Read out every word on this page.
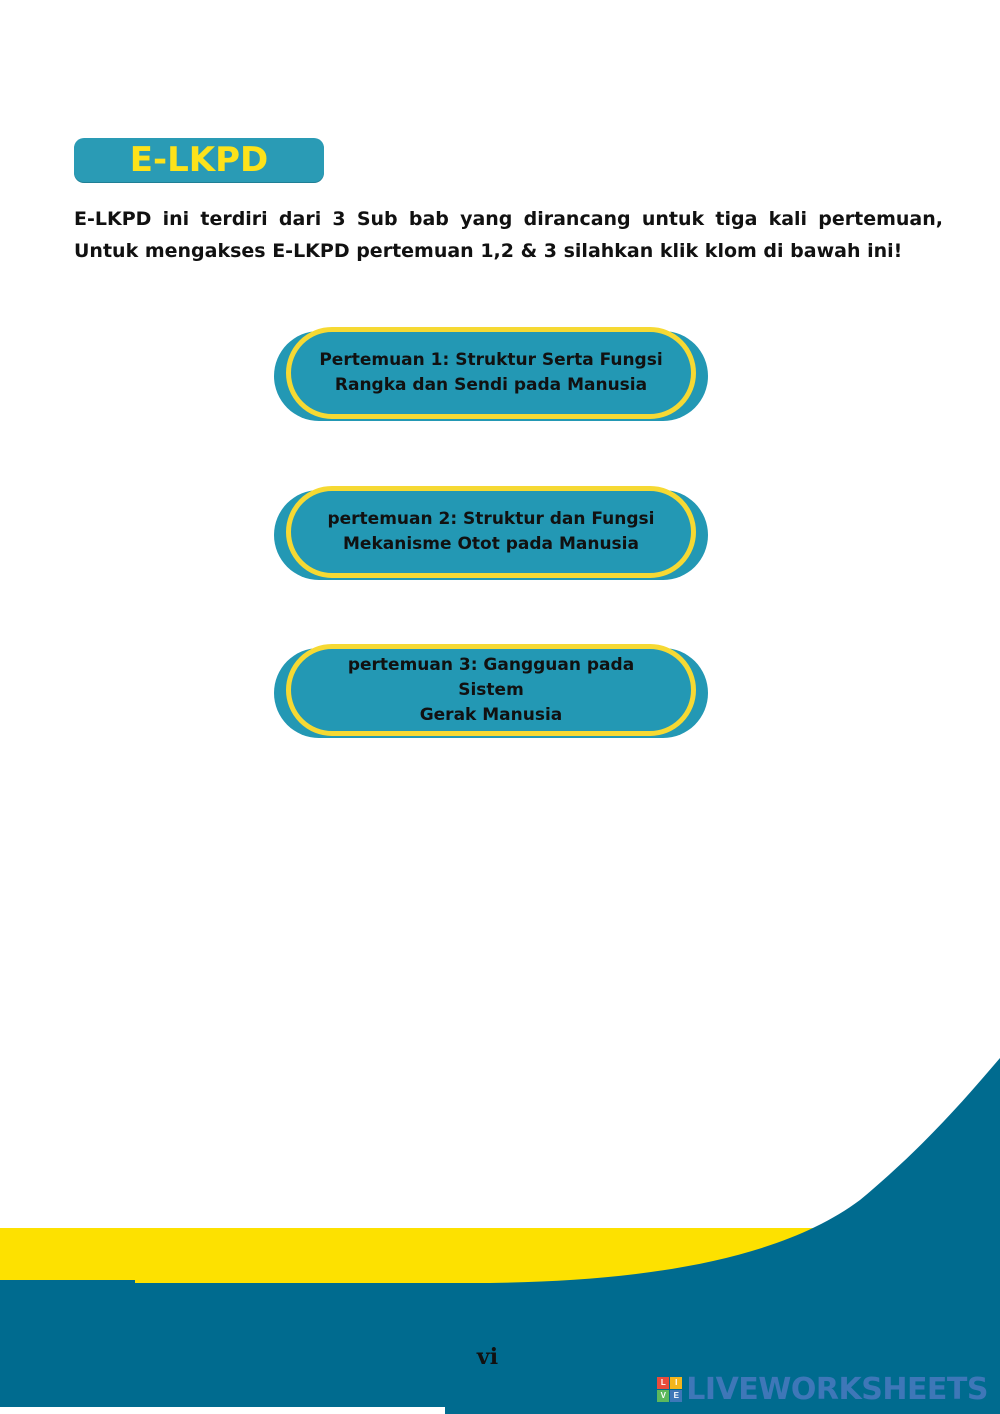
E-LKPD
E-LKPD ini terdiri dari 3 Sub bab yang dirancang untuk tiga kali pertemuan, Untuk mengakses E-LKPD pertemuan 1,2 & 3 silahkan klik klom di bawah ini!
Pertemuan 1: Struktur Serta Fungsi
Rangka dan Sendi pada Manusia
pertemuan 2: Struktur dan Fungsi
Mekanisme Otot pada Manusia
pertemuan 3: Gangguan pada Sistem
Gerak Manusia
vi
L	I
V E LIVEWORKSHEETS
